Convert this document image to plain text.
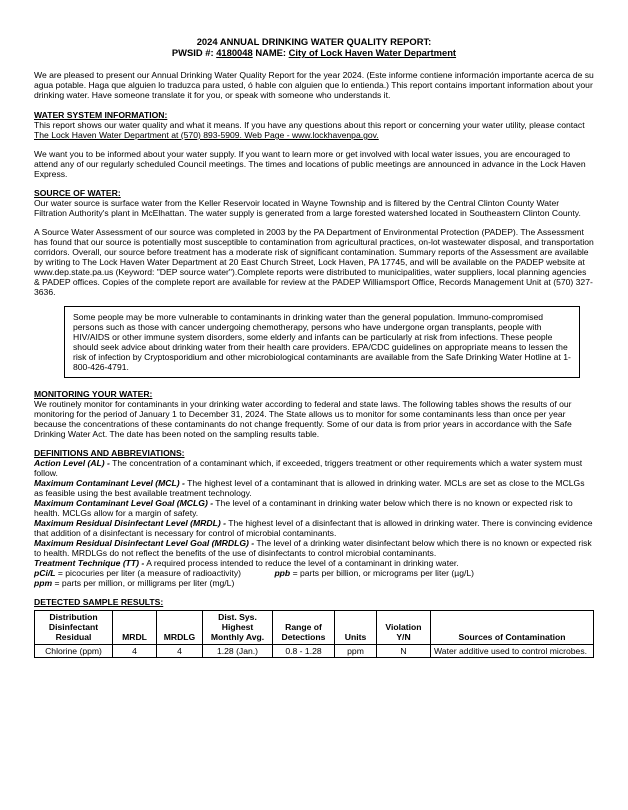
2024 ANNUAL DRINKING WATER QUALITY REPORT:
PWSID #: 4180048 NAME: City of Lock Haven Water Department

We are pleased to present our Annual Drinking Water Quality Report for the year 2024. (Este informe contiene información importante acerca de su agua potable. Haga que alguien lo traduzca para usted, ó hable con alguien que lo entienda.) This report contains important information about your drinking water. Have someone translate it for you, or speak with someone who understands it.

WATER SYSTEM INFORMATION:

This report shows our water quality and what it means. If you have any questions about this report or concerning your water utility, please contact The Lock Haven Water Department at (570) 893-5909. Web Page - www.lockhavenpa.gov.

We want you to be informed about your water supply. If you want to learn more or get involved with local water issues, you are encouraged to attend any of our regularly scheduled Council meetings. The times and locations of public meetings are announced in advance in the Lock Haven Express.

SOURCE OF WATER:

Our water source is surface water from the Keller Reservoir located in Wayne Township and is filtered by the Central Clinton County Water Filtration Authority's plant in McElhattan. The water supply is generated from a large forested watershed located in Southeastern Clinton County.

A Source Water Assessment of our source was completed in 2003 by the PA Department of Environmental Protection (PADEP). The Assessment has found that our source is potentially most susceptible to contamination from agricultural practices, on-lot wastewater disposal, and transportation corridors. Overall, our source before treatment has a moderate risk of significant contamination. Summary reports of the Assessment are available by writing to The Lock Haven Water Department at 20 East Church Street, Lock Haven, PA 17745, and will be available on the PADEP website at www.dep.state.pa.us (Keyword: "DEP source water").Complete reports were distributed to municipalities, water suppliers, local planning agencies & PADEP offices. Copies of the complete report are available for review at the PADEP Williamsport Office, Records Management Unit at (570) 327-3636.

Some people may be more vulnerable to contaminants in drinking water than the general population. Immuno-compromised persons such as those with cancer undergoing chemotherapy, persons who have undergone organ transplants, people with HIV/AIDS or other immune system disorders, some elderly and infants can be particularly at risk from infections. These people should seek advice about drinking water from their health care providers. EPA/CDC guidelines on appropriate means to lessen the risk of infection by Cryptosporidium and other microbiological contaminants are available from the Safe Drinking Water Hotline at 1-800-426-4791.

MONITORING YOUR WATER:

We routinely monitor for contaminants in your drinking water according to federal and state laws. The following tables shows the results of our monitoring for the period of January 1 to December 31, 2024. The State allows us to monitor for some contaminants less than once per year because the concentrations of these contaminants do not change frequently. Some of our data is from prior years in accordance with the Safe Drinking Water Act. The date has been noted on the sampling results table.

DEFINITIONS AND ABBREVIATIONS:

Action Level (AL) - The concentration of a contaminant which, if exceeded, triggers treatment or other requirements which a water system must follow.

Maximum Contaminant Level (MCL) - The highest level of a contaminant that is allowed in drinking water. MCLs are set as close to the MCLGs as feasible using the best available treatment technology.

Maximum Contaminant Level Goal (MCLG) - The level of a contaminant in drinking water below which there is no known or expected risk to health. MCLGs allow for a margin of safety.

Maximum Residual Disinfectant Level (MRDL) - The highest level of a disinfectant that is allowed in drinking water. There is convincing evidence that addition of a disinfectant is necessary for control of microbial contaminants.

Maximum Residual Disinfectant Level Goal (MRDLG) - The level of a drinking water disinfectant below which there is no known or expected risk to health. MRDLGs do not reflect the benefits of the use of disinfectants to control microbial contaminants.

Treatment Technique (TT) - A required process intended to reduce the level of a contaminant in drinking water.

pCi/L = picocuries per liter (a measure of radioactivity)	ppb = parts per billion, or micrograms per liter (µg/L)

ppm = parts per million, or milligrams per liter (mg/L)

DETECTED SAMPLE RESULTS:
Distribution Disinfectant Residual	MRDL	MRDLG	Dist. Sys. Highest Monthly Avg.	Range of Detections	Units	Violation Y/N	Sources of Contamination
Chlorine (ppm)	4	4	1.28 (Jan.)	0.8 - 1.28	ppm	N	Water additive used to control microbes.
